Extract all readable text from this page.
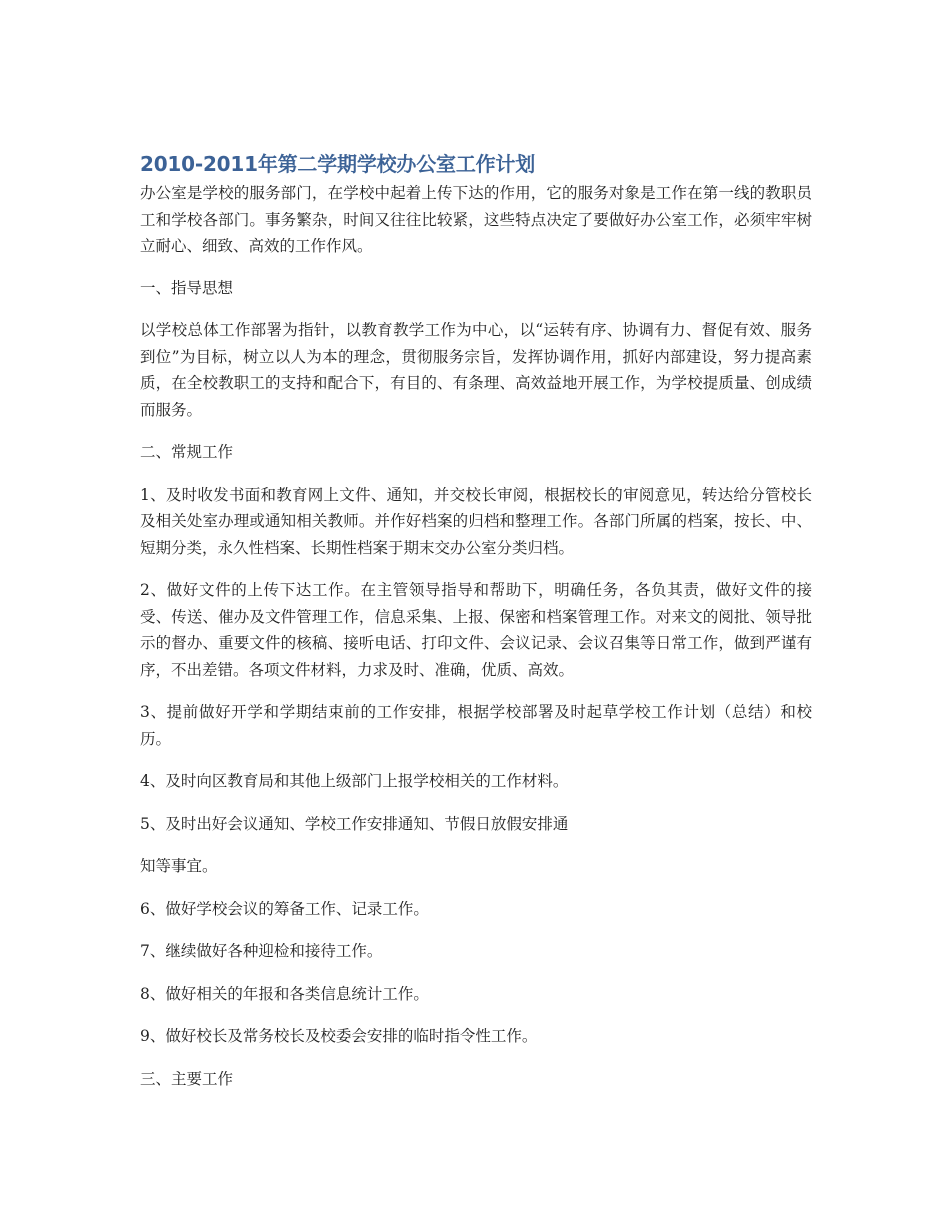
2010-2011年第二学期学校办公室工作计划

办公室是学校的服务部门，在学校中起着上传下达的作用，它的服务对象是工作在第一线的教职员工和学校各部门。事务繁杂，时间又往往比较紧，这些特点决定了要做好办公室工作，必须牢牢树立耐心、细致、高效的工作作风。

一、指导思想

以学校总体工作部署为指针，以教育教学工作为中心，以“运转有序、协调有力、督促有效、服务到位”为目标，树立以人为本的理念，贯彻服务宗旨，发挥协调作用，抓好内部建设，努力提高素质，在全校教职工的支持和配合下，有目的、有条理、高效益地开展工作，为学校提质量、创成绩而服务。

二、常规工作

1、及时收发书面和教育网上文件、通知，并交校长审阅，根据校长的审阅意见，转达给分管校长及相关处室办理或通知相关教师。并作好档案的归档和整理工作。各部门所属的档案，按长、中、短期分类，永久性档案、长期性档案于期末交办公室分类归档。

2、做好文件的上传下达工作。在主管领导指导和帮助下，明确任务，各负其责，做好文件的接受、传送、催办及文件管理工作，信息采集、上报、保密和档案管理工作。对来文的阅批、领导批示的督办、重要文件的核稿、接听电话、打印文件、会议记录、会议召集等日常工作，做到严谨有序，不出差错。各项文件材料，力求及时、准确，优质、高效。

3、提前做好开学和学期结束前的工作安排，根据学校部署及时起草学校工作计划（总结）和校历。

4、及时向区教育局和其他上级部门上报学校相关的工作材料。

5、及时出好会议通知、学校工作安排通知、节假日放假安排通

知等事宜。

6、做好学校会议的筹备工作、记录工作。

7、继续做好各种迎检和接待工作。

8、做好相关的年报和各类信息统计工作。

9、做好校长及常务校长及校委会安排的临时指令性工作。

三、主要工作
